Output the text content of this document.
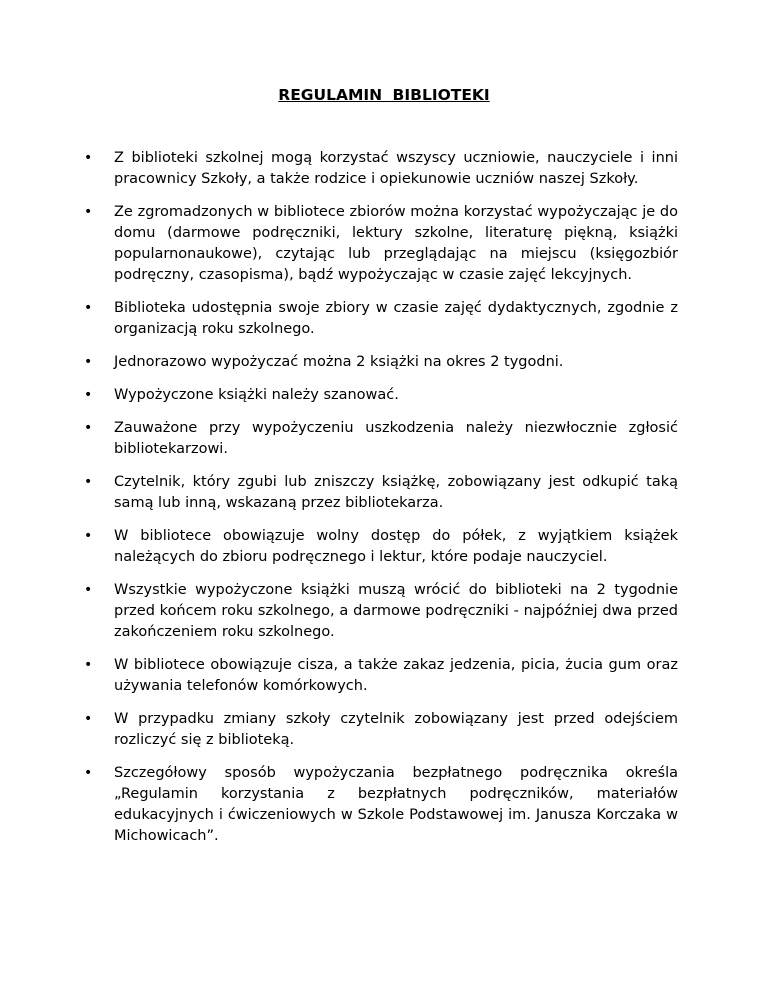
REGULAMIN BIBLIOTEKI
• Z biblioteki szkolnej mogą korzystać wszyscy uczniowie, nauczyciele i inni pracownicy Szkoły, a także rodzice i opiekunowie uczniów naszej Szkoły.
• Ze zgromadzonych w bibliotece zbiorów można korzystać wypożyczając je do domu (darmowe podręczniki, lektury szkolne, literaturę piękną, książki popularnonaukowe), czytając lub przeglądając na miejscu (księgozbiór podręczny, czasopisma), bądź wypożyczając w czasie zajęć lekcyjnych.
• Biblioteka udostępnia swoje zbiory w czasie zajęć dydaktycznych, zgodnie z organizacją roku szkolnego.
• Jednorazowo wypożyczać można 2 książki na okres 2 tygodni.
• Wypożyczone książki należy szanować.
• Zauważone przy wypożyczeniu uszkodzenia należy niezwłocznie zgłosić bibliotekarzowi.
• Czytelnik, który zgubi lub zniszczy książkę, zobowiązany jest odkupić taką samą lub inną, wskazaną przez bibliotekarza.
• W bibliotece obowiązuje wolny dostęp do półek, z wyjątkiem książek należących do zbioru podręcznego i lektur, które podaje nauczyciel.
• Wszystkie wypożyczone książki muszą wrócić do biblioteki na 2 tygodnie przed końcem roku szkolnego, a darmowe podręczniki - najpóźniej dwa przed zakończeniem roku szkolnego.
• W bibliotece obowiązuje cisza, a także zakaz jedzenia, picia, żucia gum oraz używania telefonów komórkowych.
• W przypadku zmiany szkoły czytelnik zobowiązany jest przed odejściem rozliczyć się z biblioteką.
• Szczegółowy sposób wypożyczania bezpłatnego podręcznika określa „Regulamin korzystania z bezpłatnych podręczników, materiałów edukacyjnych i ćwiczeniowych w Szkole Podstawowej im. Janusza Korczaka w Michowicach”.
